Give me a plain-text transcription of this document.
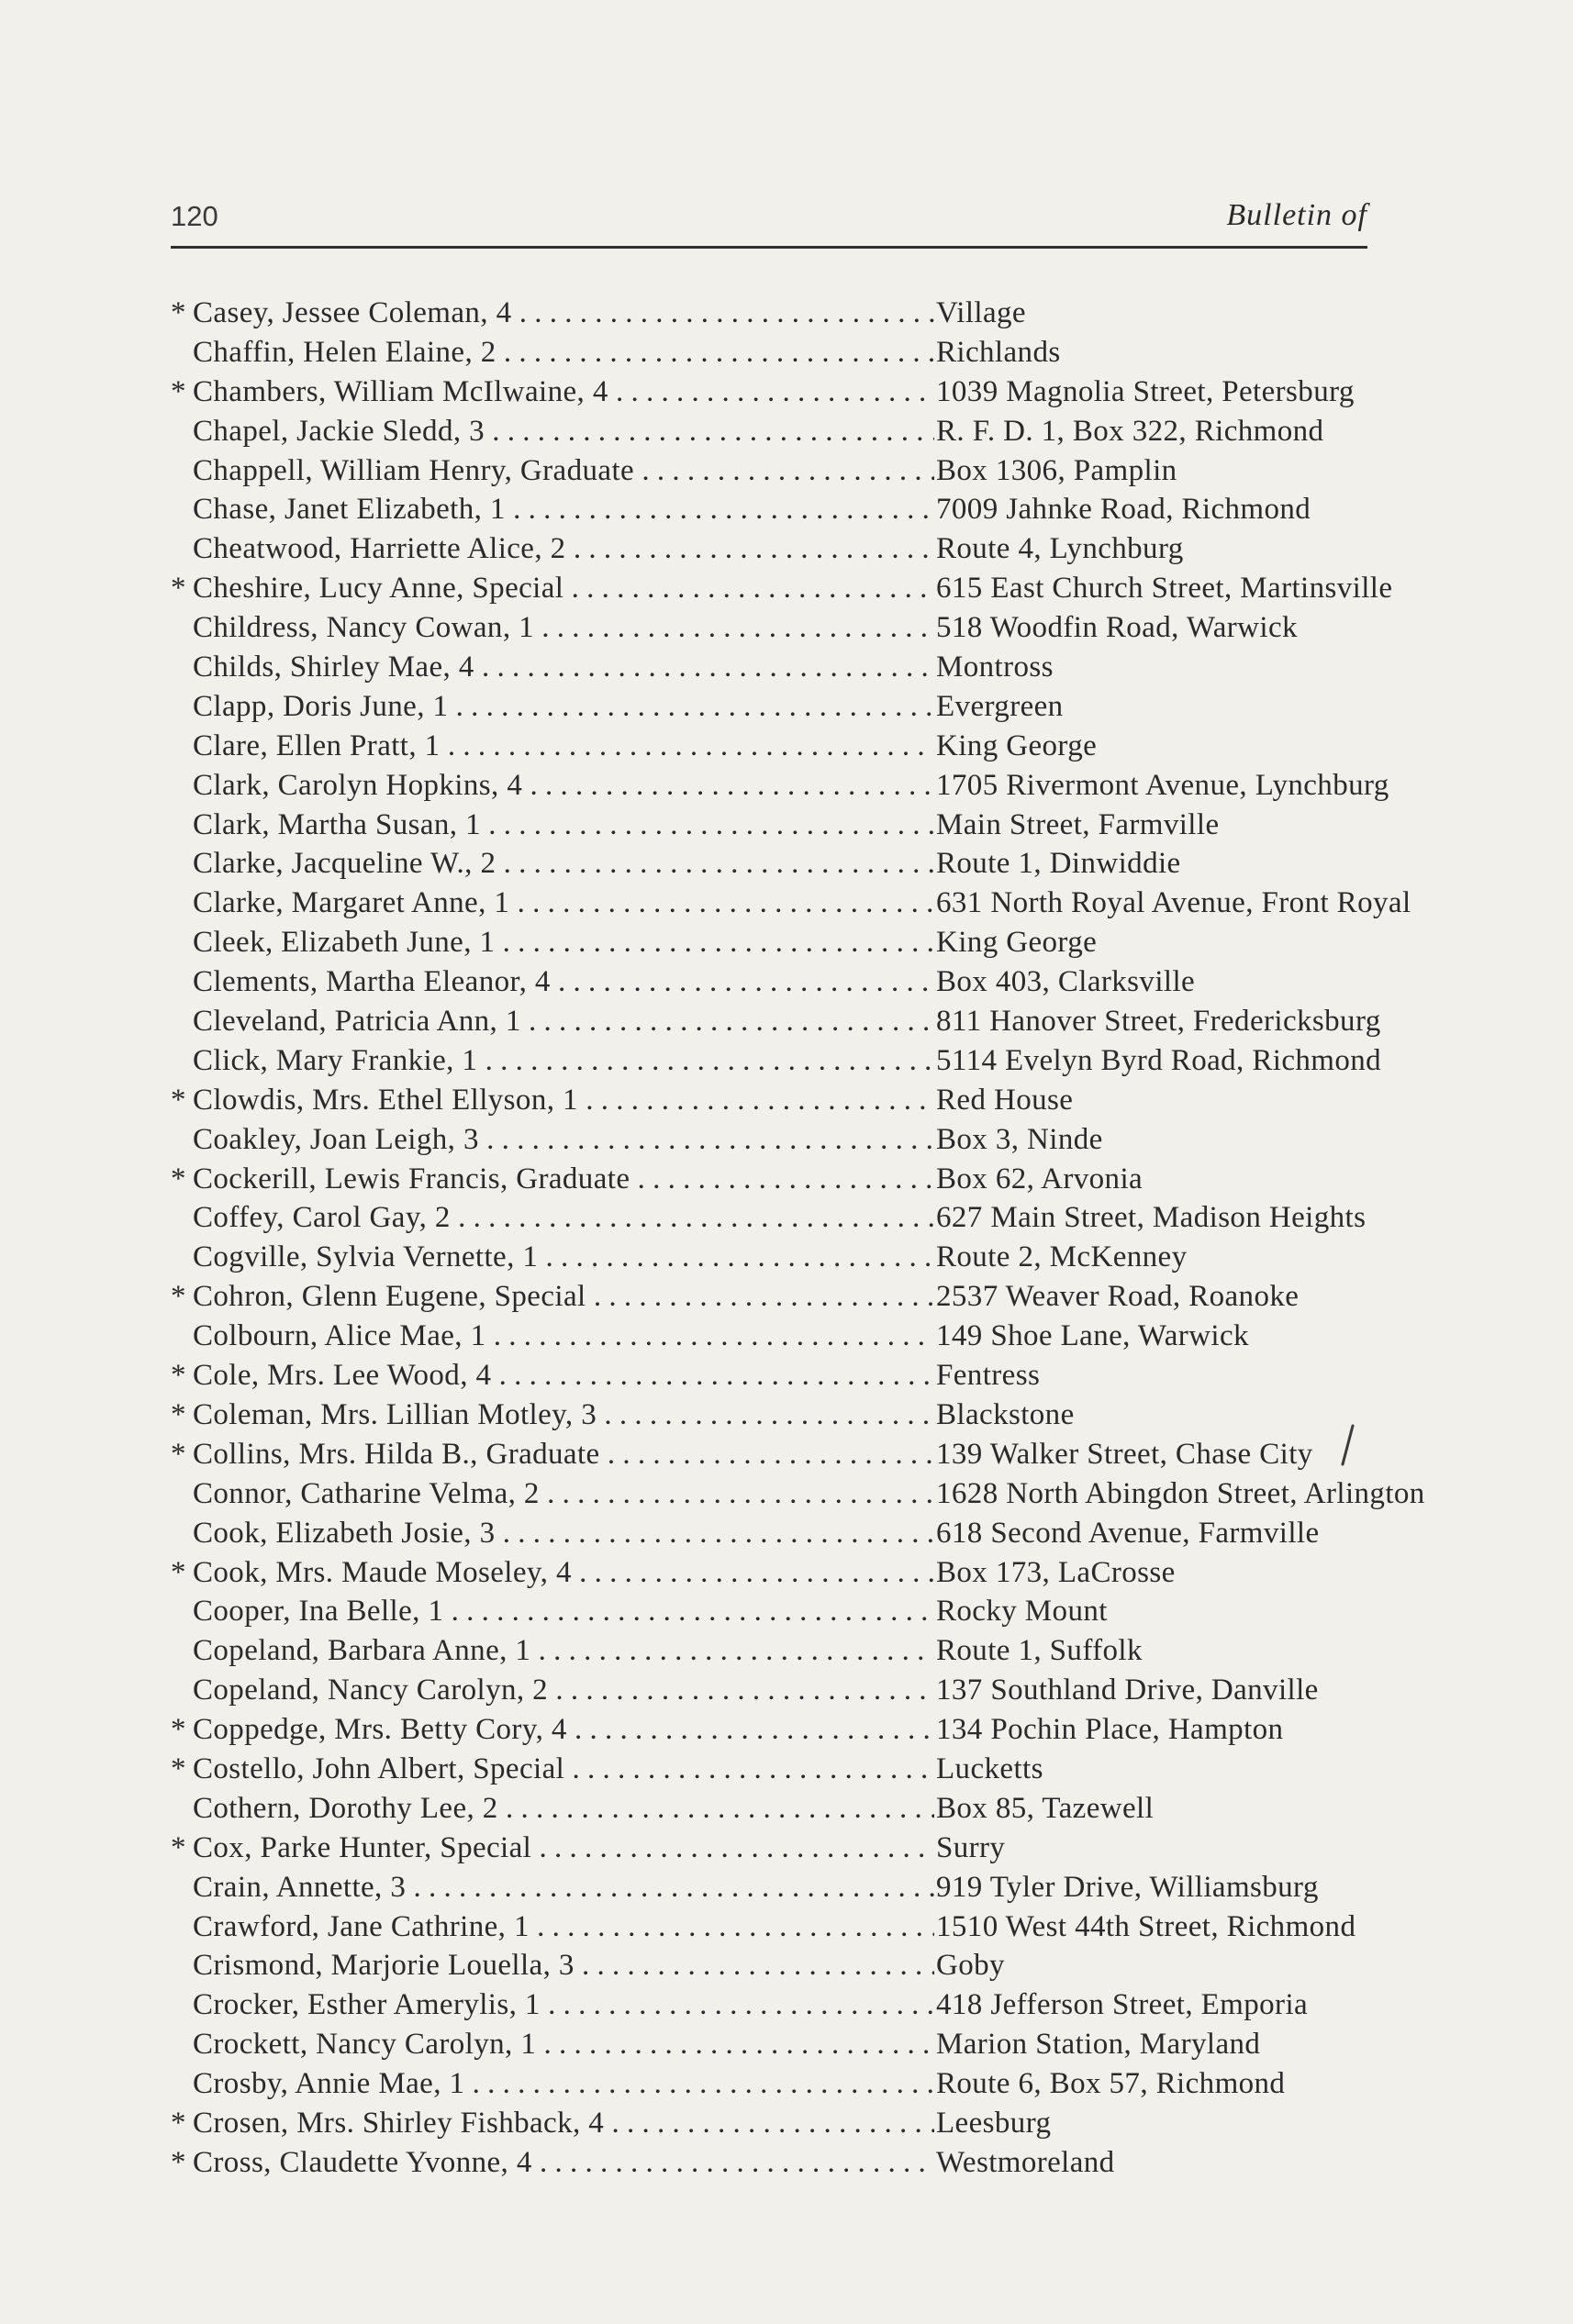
120	Bulletin of
* Casey, Jessee Coleman, 4 . . .	Village
Chaffin, Helen Elaine, 2 . . .	Richlands
* Chambers, William McIlwaine, 4 . . .	1039 Magnolia Street, Petersburg
Chapel, Jackie Sledd, 3 . . .	R. F. D. 1, Box 322, Richmond
Chappell, William Henry, Graduate . . .	Box 1306, Pamplin
Chase, Janet Elizabeth, 1 . . .	7009 Jahnke Road, Richmond
Cheatwood, Harriette Alice, 2 . . .	Route 4, Lynchburg
* Cheshire, Lucy Anne, Special . . .	615 East Church Street, Martinsville
Childress, Nancy Cowan, 1 . . .	518 Woodfin Road, Warwick
Childs, Shirley Mae, 4 . . .	Montross
Clapp, Doris June, 1 . . .	Evergreen
Clare, Ellen Pratt, 1 . . .	King George
Clark, Carolyn Hopkins, 4 . . .	1705 Rivermont Avenue, Lynchburg
Clark, Martha Susan, 1 . . .	Main Street, Farmville
Clarke, Jacqueline W., 2 . . .	Route 1, Dinwiddie
Clarke, Margaret Anne, 1 . . .	631 North Royal Avenue, Front Royal
Cleek, Elizabeth June, 1 . . .	King George
Clements, Martha Eleanor, 4 . . .	Box 403, Clarksville
Cleveland, Patricia Ann, 1 . . .	811 Hanover Street, Fredericksburg
Click, Mary Frankie, 1 . . .	5114 Evelyn Byrd Road, Richmond
* Clowdis, Mrs. Ethel Ellyson, 1 . . .	Red House
Coakley, Joan Leigh, 3 . . .	Box 3, Ninde
* Cockerill, Lewis Francis, Graduate . . .	Box 62, Arvonia
Coffey, Carol Gay, 2 . . .	627 Main Street, Madison Heights
Cogville, Sylvia Vernette, 1 . . .	Route 2, McKenney
* Cohron, Glenn Eugene, Special . . .	2537 Weaver Road, Roanoke
Colbourn, Alice Mae, 1 . . .	149 Shoe Lane, Warwick
* Cole, Mrs. Lee Wood, 4 . . .	Fentress
* Coleman, Mrs. Lillian Motley, 3 . . .	Blackstone
* Collins, Mrs. Hilda B., Graduate . . .	139 Walker Street, Chase City
Connor, Catharine Velma, 2 . . .	1628 North Abingdon Street, Arlington
Cook, Elizabeth Josie, 3 . . .	618 Second Avenue, Farmville
* Cook, Mrs. Maude Moseley, 4 . . .	Box 173, LaCrosse
Cooper, Ina Belle, 1 . . .	Rocky Mount
Copeland, Barbara Anne, 1 . . .	Route 1, Suffolk
Copeland, Nancy Carolyn, 2 . . .	137 Southland Drive, Danville
* Coppedge, Mrs. Betty Cory, 4 . . .	134 Pochin Place, Hampton
* Costello, John Albert, Special . . .	Lucketts
Cothern, Dorothy Lee, 2 . . .	Box 85, Tazewell
* Cox, Parke Hunter, Special . . .	Surry
Crain, Annette, 3 . . .	919 Tyler Drive, Williamsburg
Crawford, Jane Cathrine, 1 . . .	1510 West 44th Street, Richmond
Crismond, Marjorie Louella, 3 . . .	Goby
Crocker, Esther Amerylis, 1 . . .	418 Jefferson Street, Emporia
Crockett, Nancy Carolyn, 1 . . .	Marion Station, Maryland
Crosby, Annie Mae, 1 . . .	Route 6, Box 57, Richmond
* Crosen, Mrs. Shirley Fishback, 4 . . .	Leesburg
* Cross, Claudette Yvonne, 4 . . .	Westmoreland
